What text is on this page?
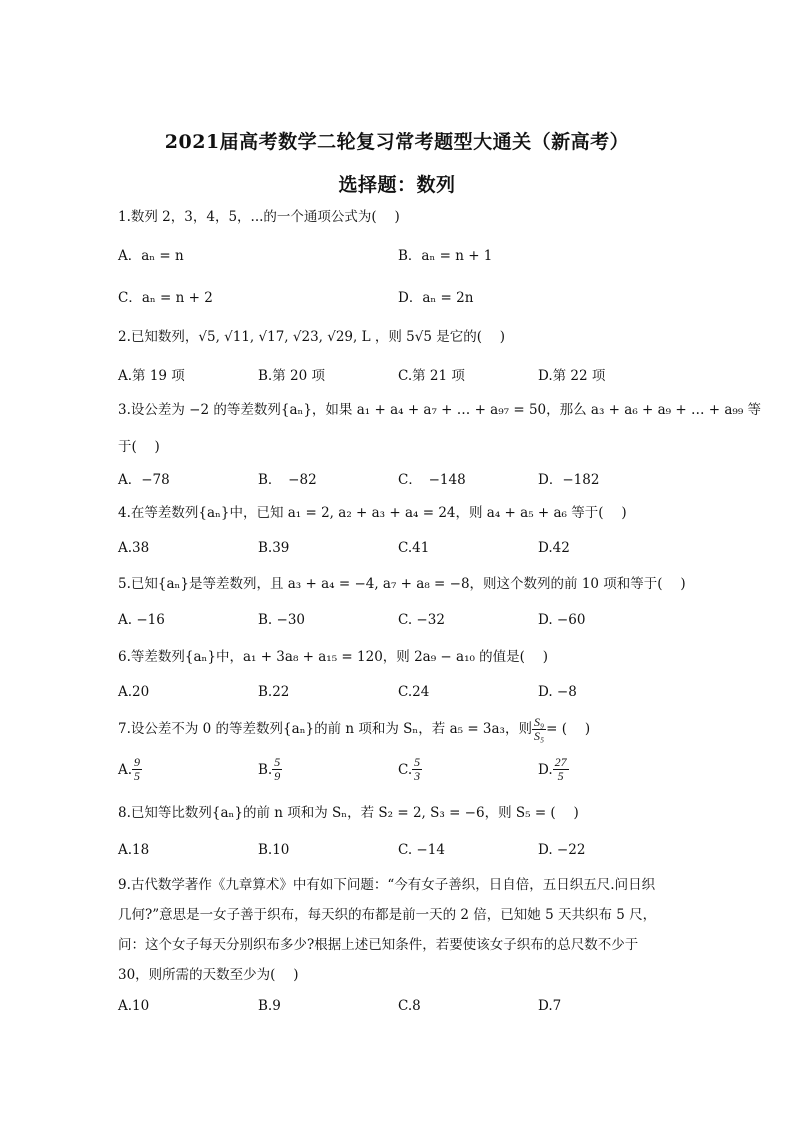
2021届高考数学二轮复习常考题型大通关（新高考）
选择题：数列
1.数列 2，3，4，5，...的一个通项公式为(　 )
A．aₙ = n	B．aₙ = n + 1
C．aₙ = n + 2	D．aₙ = 2n
2.已知数列，√5, √11, √17, √23, √29, L ，则 5√5 是它的(　 )
A.第 19 项	B.第 20 项	C.第 21 项	D.第 22 项
3.设公差为 −2 的等差数列{aₙ}，如果 a₁ + a₄ + a₇ + … + a₉₇ = 50，那么 a₃ + a₆ + a₉ + … + a₉₉ 等
于(　 )
A．−78	B．　−82	C．　−148	D．−182
4.在等差数列{aₙ}中，已知 a₁ = 2, a₂ + a₃ + a₄ = 24，则 a₄ + a₅ + a₆ 等于(　 )
A.38	B.39	C.41	D.42
5.已知{aₙ}是等差数列，且 a₃ + a₄ = −4, a₇ + a₈ = −8，则这个数列的前 10 项和等于(　 )
A. −16	B. −30	C. −32	D. −60
6.等差数列{aₙ}中，a₁ + 3a₈ + a₁₅ = 120，则 2a₉ − a₁₀ 的值是(　 )
A.20	B.22	C.24	D. −8
7.设公差不为 0 的等差数列{aₙ}的前 n 项和为 Sₙ，若 a₅ = 3a₃，则 $\frac{\text{S₉}}{\text{S₅}}$ = (　 )
A. $\frac{9}{5}$	B. $\frac{5}{9}$	C. $\frac{5}{3}$	D. $\frac{27}{5}$
8.已知等比数列{aₙ}的前 n 项和为 Sₙ，若 S₂ = 2, S₃ = −6，则 S₅ = (　 )
A.18	B.10	C. −14	D. −22
9.古代数学著作《九章算术》中有如下问题：“今有女子善织，日自倍，五日织五尺.问日织
几何?”意思是一女子善于织布，每天织的布都是前一天的 2 倍，已知她 5 天共织布 5 尺，
问：这个女子每天分别织布多少?根据上述已知条件，若要使该女子织布的总尺数不少于
30，则所需的天数至少为(　 )
A.10	B.9	C.8	D.7
